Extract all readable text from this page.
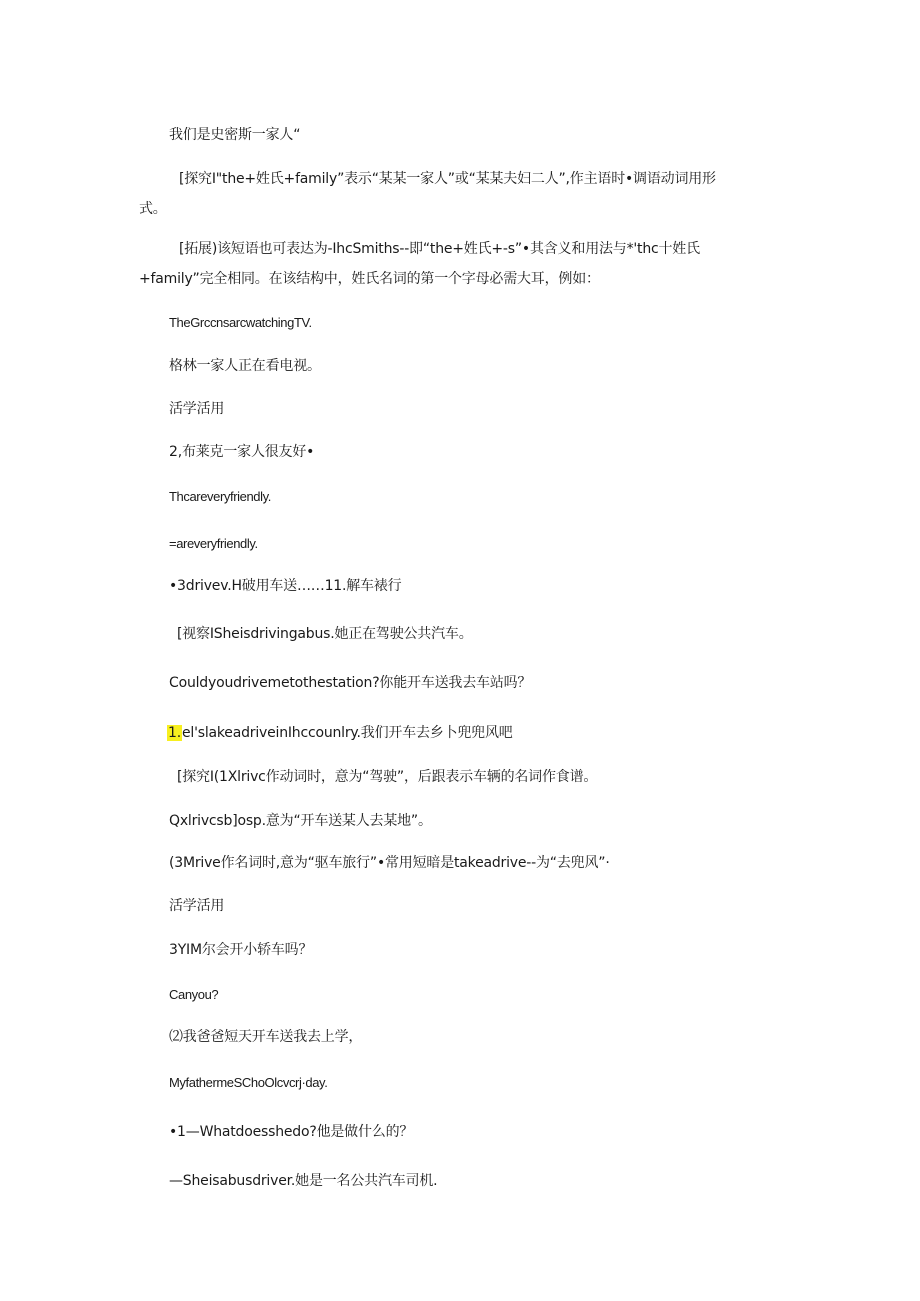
我们是史密斯一家人“
[探究I"the+姓氏+family”表示“某某一家人”或“某某夫妇二人”,作主语时•调语动词用形
式。
[拓展)该短语也可表达为-IhcSmiths--即“the+姓氏+-s”•其含义和用法与*'thc十姓氏
+family”完全相同。在该结构中，姓氏名词的第一个字母必需大耳，例如：
TheGrccnsarcwatchingTV.
格林一家人正在看电视。
活学活用
2,布莱克一家人很友好•
Thcareveryfriendly.
=areveryfriendly.
•3drivev.H破用车送……11.解车裱行
[视察ISheisdrivingabus.她正在驾驶公共汽车。
Couldyoudrivemetothestation?你能开车送我去车站吗？
1.el'slakeadriveinIhccounlry.我们开车去乡卜兜兜风吧
[探究I(1Xlrivc作动词时，意为“驾驶”，后跟表示车辆的名词作食谱。
Qxlrivcsb]osp.意为“开车送某人去某地”。
(3Mrive作名词时,意为“驱车旅行”•常用短暗是takeadrive--为“去兜风”·
活学活用
3YIM尔会开小轿车吗？
Canyou?
⑵我爸爸短天开车送我去上学，
MyfathermeSChoOlcvcrj·day.
•1—Whatdoesshedo?他是做什么的？
—Sheisabusdriver.她是一名公共汽车司机.
